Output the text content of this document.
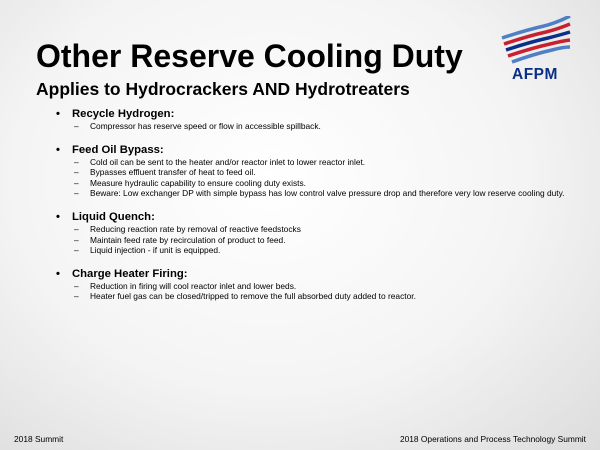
Other Reserve Cooling Duty
Applies to Hydrocrackers AND Hydrotreaters
AFPM
• Recycle Hydrogen:
– Compressor has reserve speed or flow in accessible spillback.
• Feed Oil Bypass:
– Cold oil can be sent to the heater and/or reactor inlet to lower reactor inlet.
– Bypasses effluent transfer of heat to feed oil.
– Measure hydraulic capability to ensure cooling duty exists.
– Beware: Low exchanger DP with simple bypass has low control valve pressure drop and therefore very low reserve cooling duty.
• Liquid Quench:
– Reducing reaction rate by removal of reactive feedstocks
– Maintain feed rate by recirculation of product to feed.
– Liquid injection - if unit is equipped.
• Charge Heater Firing:
– Reduction in firing will cool reactor inlet and lower beds.
– Heater fuel gas can be closed/tripped to remove the full absorbed duty added to reactor.
2018 Summit	2018 Operations and Process Technology Summit
